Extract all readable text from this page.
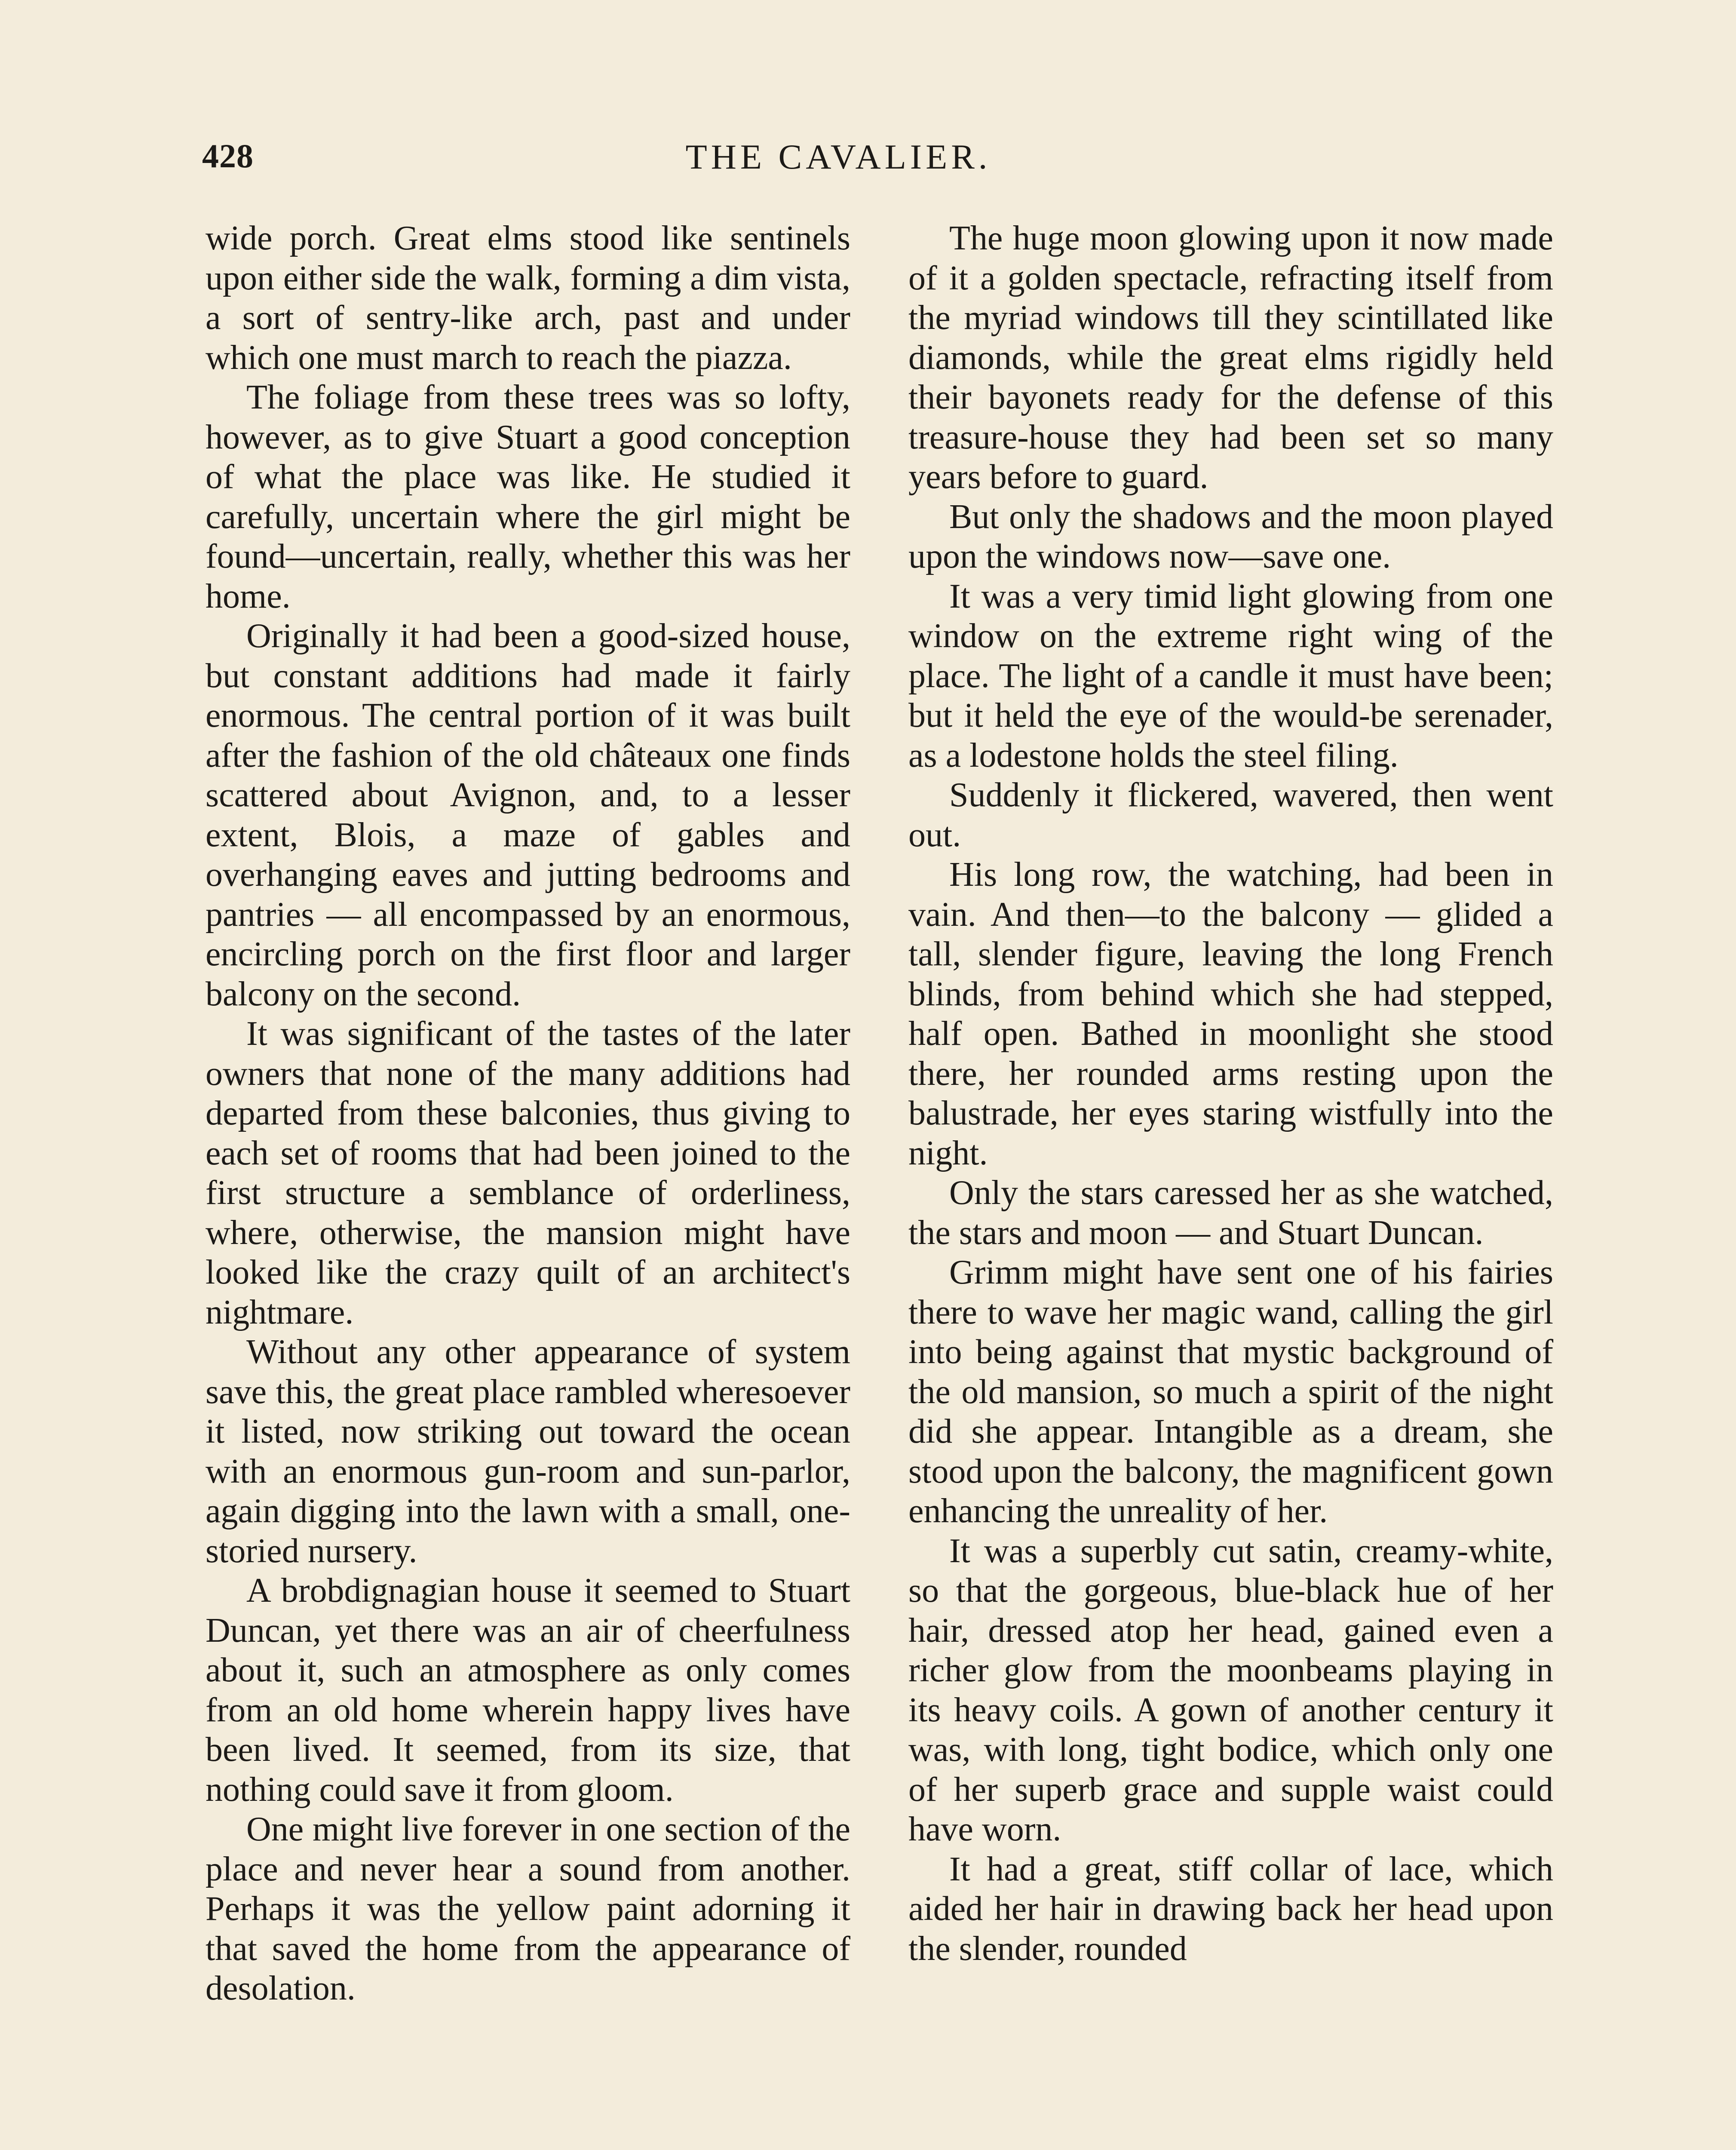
428	THE CAVALIER.

wide porch. Great elms stood like sentinels upon either side the walk, forming a dim vista, a sort of sentry-like arch, past and under which one must march to reach the piazza.

The foliage from these trees was so lofty, however, as to give Stuart a good conception of what the place was like. He studied it carefully, uncertain where the girl might be found—uncertain, really, whether this was her home.

Originally it had been a good-sized house, but constant additions had made it fairly enormous. The central portion of it was built after the fashion of the old châteaux one finds scattered about Avignon, and, to a lesser extent, Blois, a maze of gables and overhanging eaves and jutting bedrooms and pantries — all encompassed by an enormous, encircling porch on the first floor and larger balcony on the second.

It was significant of the tastes of the later owners that none of the many additions had departed from these balconies, thus giving to each set of rooms that had been joined to the first structure a semblance of orderliness, where, otherwise, the mansion might have looked like the crazy quilt of an architect's nightmare.

Without any other appearance of system save this, the great place rambled wheresoever it listed, now striking out toward the ocean with an enormous gun-room and sun-parlor, again digging into the lawn with a small, one-storied nursery.

A brobdignagian house it seemed to Stuart Duncan, yet there was an air of cheerfulness about it, such an atmosphere as only comes from an old home wherein happy lives have been lived. It seemed, from its size, that nothing could save it from gloom.

One might live forever in one section of the place and never hear a sound from another. Perhaps it was the yellow paint adorning it that saved the home from the appearance of desolation.

The huge moon glowing upon it now made of it a golden spectacle, refracting itself from the myriad windows till they scintillated like diamonds, while the great elms rigidly held their bayonets ready for the defense of this treasure-house they had been set so many years before to guard.

But only the shadows and the moon played upon the windows now—save one.

It was a very timid light glowing from one window on the extreme right wing of the place. The light of a candle it must have been; but it held the eye of the would-be serenader, as a lodestone holds the steel filing.

Suddenly it flickered, wavered, then went out.

His long row, the watching, had been in vain. And then—to the balcony — glided a tall, slender figure, leaving the long French blinds, from behind which she had stepped, half open. Bathed in moonlight she stood there, her rounded arms resting upon the balustrade, her eyes staring wistfully into the night.

Only the stars caressed her as she watched, the stars and moon — and Stuart Duncan.

Grimm might have sent one of his fairies there to wave her magic wand, calling the girl into being against that mystic background of the old mansion, so much a spirit of the night did she appear. Intangible as a dream, she stood upon the balcony, the magnificent gown enhancing the unreality of her.

It was a superbly cut satin, creamy-white, so that the gorgeous, blue-black hue of her hair, dressed atop her head, gained even a richer glow from the moonbeams playing in its heavy coils. A gown of another century it was, with long, tight bodice, which only one of her superb grace and supple waist could have worn.

It had a great, stiff collar of lace, which aided her hair in drawing back her head upon the slender, rounded
